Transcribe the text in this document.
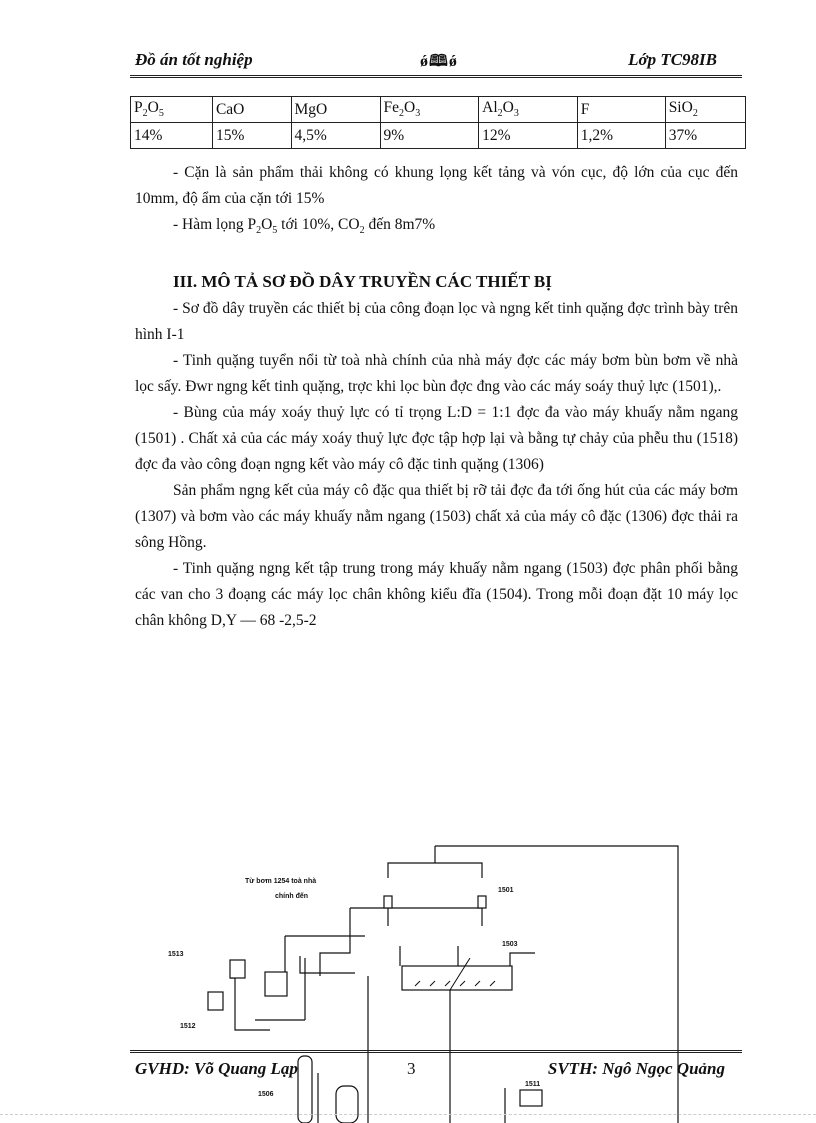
Đồ án tốt nghiệp	ǿ🕮ǿ	Lớp TC98IB
$P_2O_5$	CaO	MgO	$Fe_2O_3$	$Al_2O_3$	F	SiO$_2$
14%	15%	4,5%	9%	12%	1,2%	37%

- Cặn là sản phẩm thải không có khung lọng kết tảng và vón cục, độ lớn của cục đến 10mm, độ ẩm của cặn tới 15%

- Hàm lọng $P_2O_5$ tới 10%, $CO_2$ đến 8m7%

III. MÔ TẢ SƠ ĐỒ DÂY TRUYỀN CÁC THIẾT BỊ

- Sơ đồ dây truyền các thiết bị của công đoạn lọc và ngng kết tinh quặng đợc trình bày trên hình I-1

- Tinh quặng tuyển nổi từ toà nhà chính của nhà máy đợc các máy bơm bùn bơm về nhà lọc sấy. Đwr ngng kết tinh quặng, trợc khi lọc bùn đợc đng vào các máy soáy thuỷ lực (1501),.

- Bùng của máy xoáy thuỷ lực có tỉ trọng L:D = 1:1 đợc đa vào máy khuấy nằm ngang (1501) . Chất xả của các máy xoáy thuỷ lực đợc tập hợp lại và bằng tự chảy của phễu thu (1518) đợc đa vào công đoạn ngng kết vào máy cô đặc tinh quặng (1306)

Sản phẩm ngng kết của máy cô đặc qua thiết bị rỡ tải đợc đa tới ống hút của các máy bơm (1307) và bơm vào các máy khuấy nằm ngang (1503) chất xả của máy cô đặc (1306) đợc thải ra sông Hồng.

- Tinh quặng ngng kết tập trung trong máy khuấy nằm ngang (1503) đợc phân phối bằng các van cho 3 đoạng các máy lọc chân không kiểu đĩa (1504). Trong mỗi đoạn đặt 10 máy lọc chân không D,Y — 68 -2,5-2

Từ bơm 1254 toà nhà
chính đến
1501
1503
1513
1512
1506
1511
GVHD: Võ Quang Lạp	3	SVTH: Ngô Ngọc Quảng
